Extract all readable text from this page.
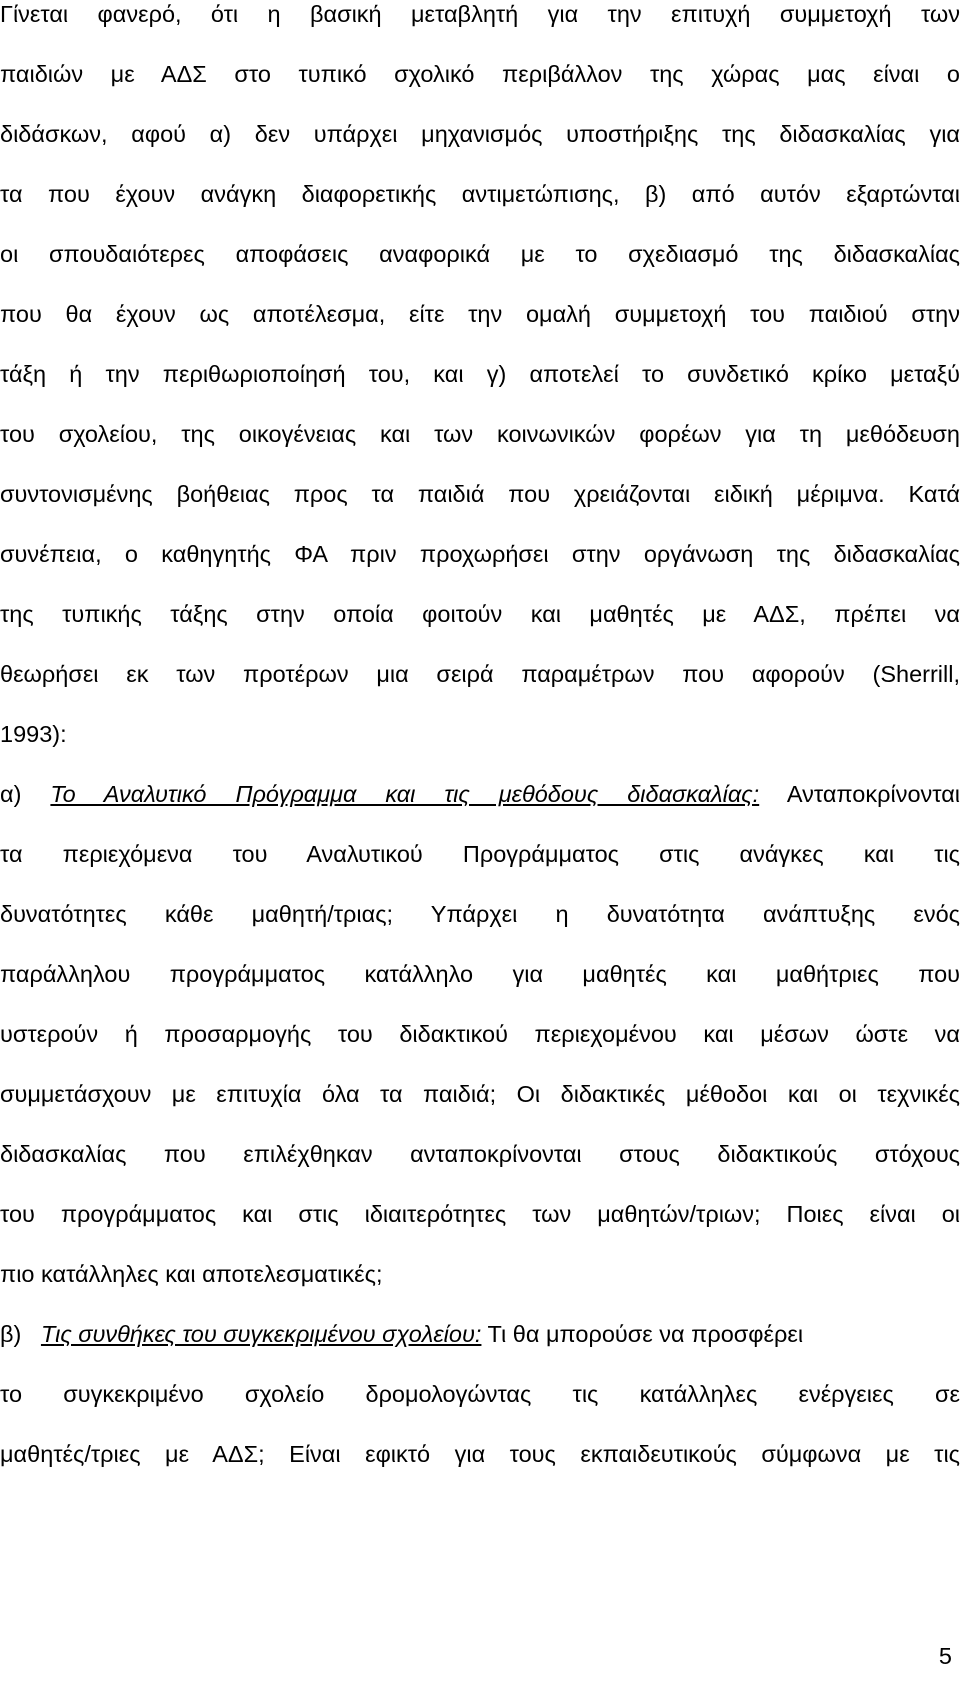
Γίνεται φανερό, ότι η βασική μεταβλητή για την επιτυχή συμμετοχή των
παιδιών με ΑΔΣ στο τυπικό σχολικό περιβάλλον της χώρας μας είναι ο
διδάσκων, αφού α) δεν υπάρχει μηχανισμός υποστήριξης της διδασκαλίας για
τα που έχουν ανάγκη διαφορετικής αντιμετώπισης, β) από αυτόν εξαρτώνται
οι σπουδαιότερες αποφάσεις αναφορικά με το σχεδιασμό της διδασκαλίας
που θα έχουν ως αποτέλεσμα, είτε την ομαλή συμμετοχή του παιδιού στην
τάξη ή την περιθωριοποίησή του, και γ) αποτελεί το συνδετικό κρίκο μεταξύ
του σχολείου, της οικογένειας και των κοινωνικών φορέων για τη μεθόδευση
συντονισμένης βοήθειας προς τα παιδιά που χρειάζονται ειδική μέριμνα. Κατά
συνέπεια, ο καθηγητής ΦΑ πριν προχωρήσει στην οργάνωση της διδασκαλίας
της τυπικής τάξης στην οποία φοιτούν και μαθητές με ΑΔΣ, πρέπει να
θεωρήσει εκ των προτέρων μια σειρά παραμέτρων που αφορούν (Sherrill,
1993):
α) Το Αναλυτικό Πρόγραμμα και τις μεθόδους διδασκαλίας: Ανταποκρίνονται
τα περιεχόμενα του Αναλυτικού Προγράμματος στις ανάγκες και τις
δυνατότητες κάθε μαθητή/τριας; Υπάρχει η δυνατότητα ανάπτυξης ενός
παράλληλου προγράμματος κατάλληλο για μαθητές και μαθήτριες που
υστερούν ή προσαρμογής του διδακτικού περιεχομένου και μέσων ώστε να
συμμετάσχουν με επιτυχία όλα τα παιδιά; Οι διδακτικές μέθοδοι και οι τεχνικές
διδασκαλίας που επιλέχθηκαν ανταποκρίνονται στους διδακτικούς στόχους
του προγράμματος και στις ιδιαιτερότητες των μαθητών/τριων; Ποιες είναι οι
πιο κατάλληλες και αποτελεσματικές;
β) Τις συνθήκες του συγκεκριμένου σχολείου: Τι θα μπορούσε να προσφέρει
το συγκεκριμένο σχολείο δρομολογώντας τις κατάλληλες ενέργειες σε
μαθητές/τριες με ΑΔΣ; Είναι εφικτό για τους εκπαιδευτικούς σύμφωνα με τις
5
